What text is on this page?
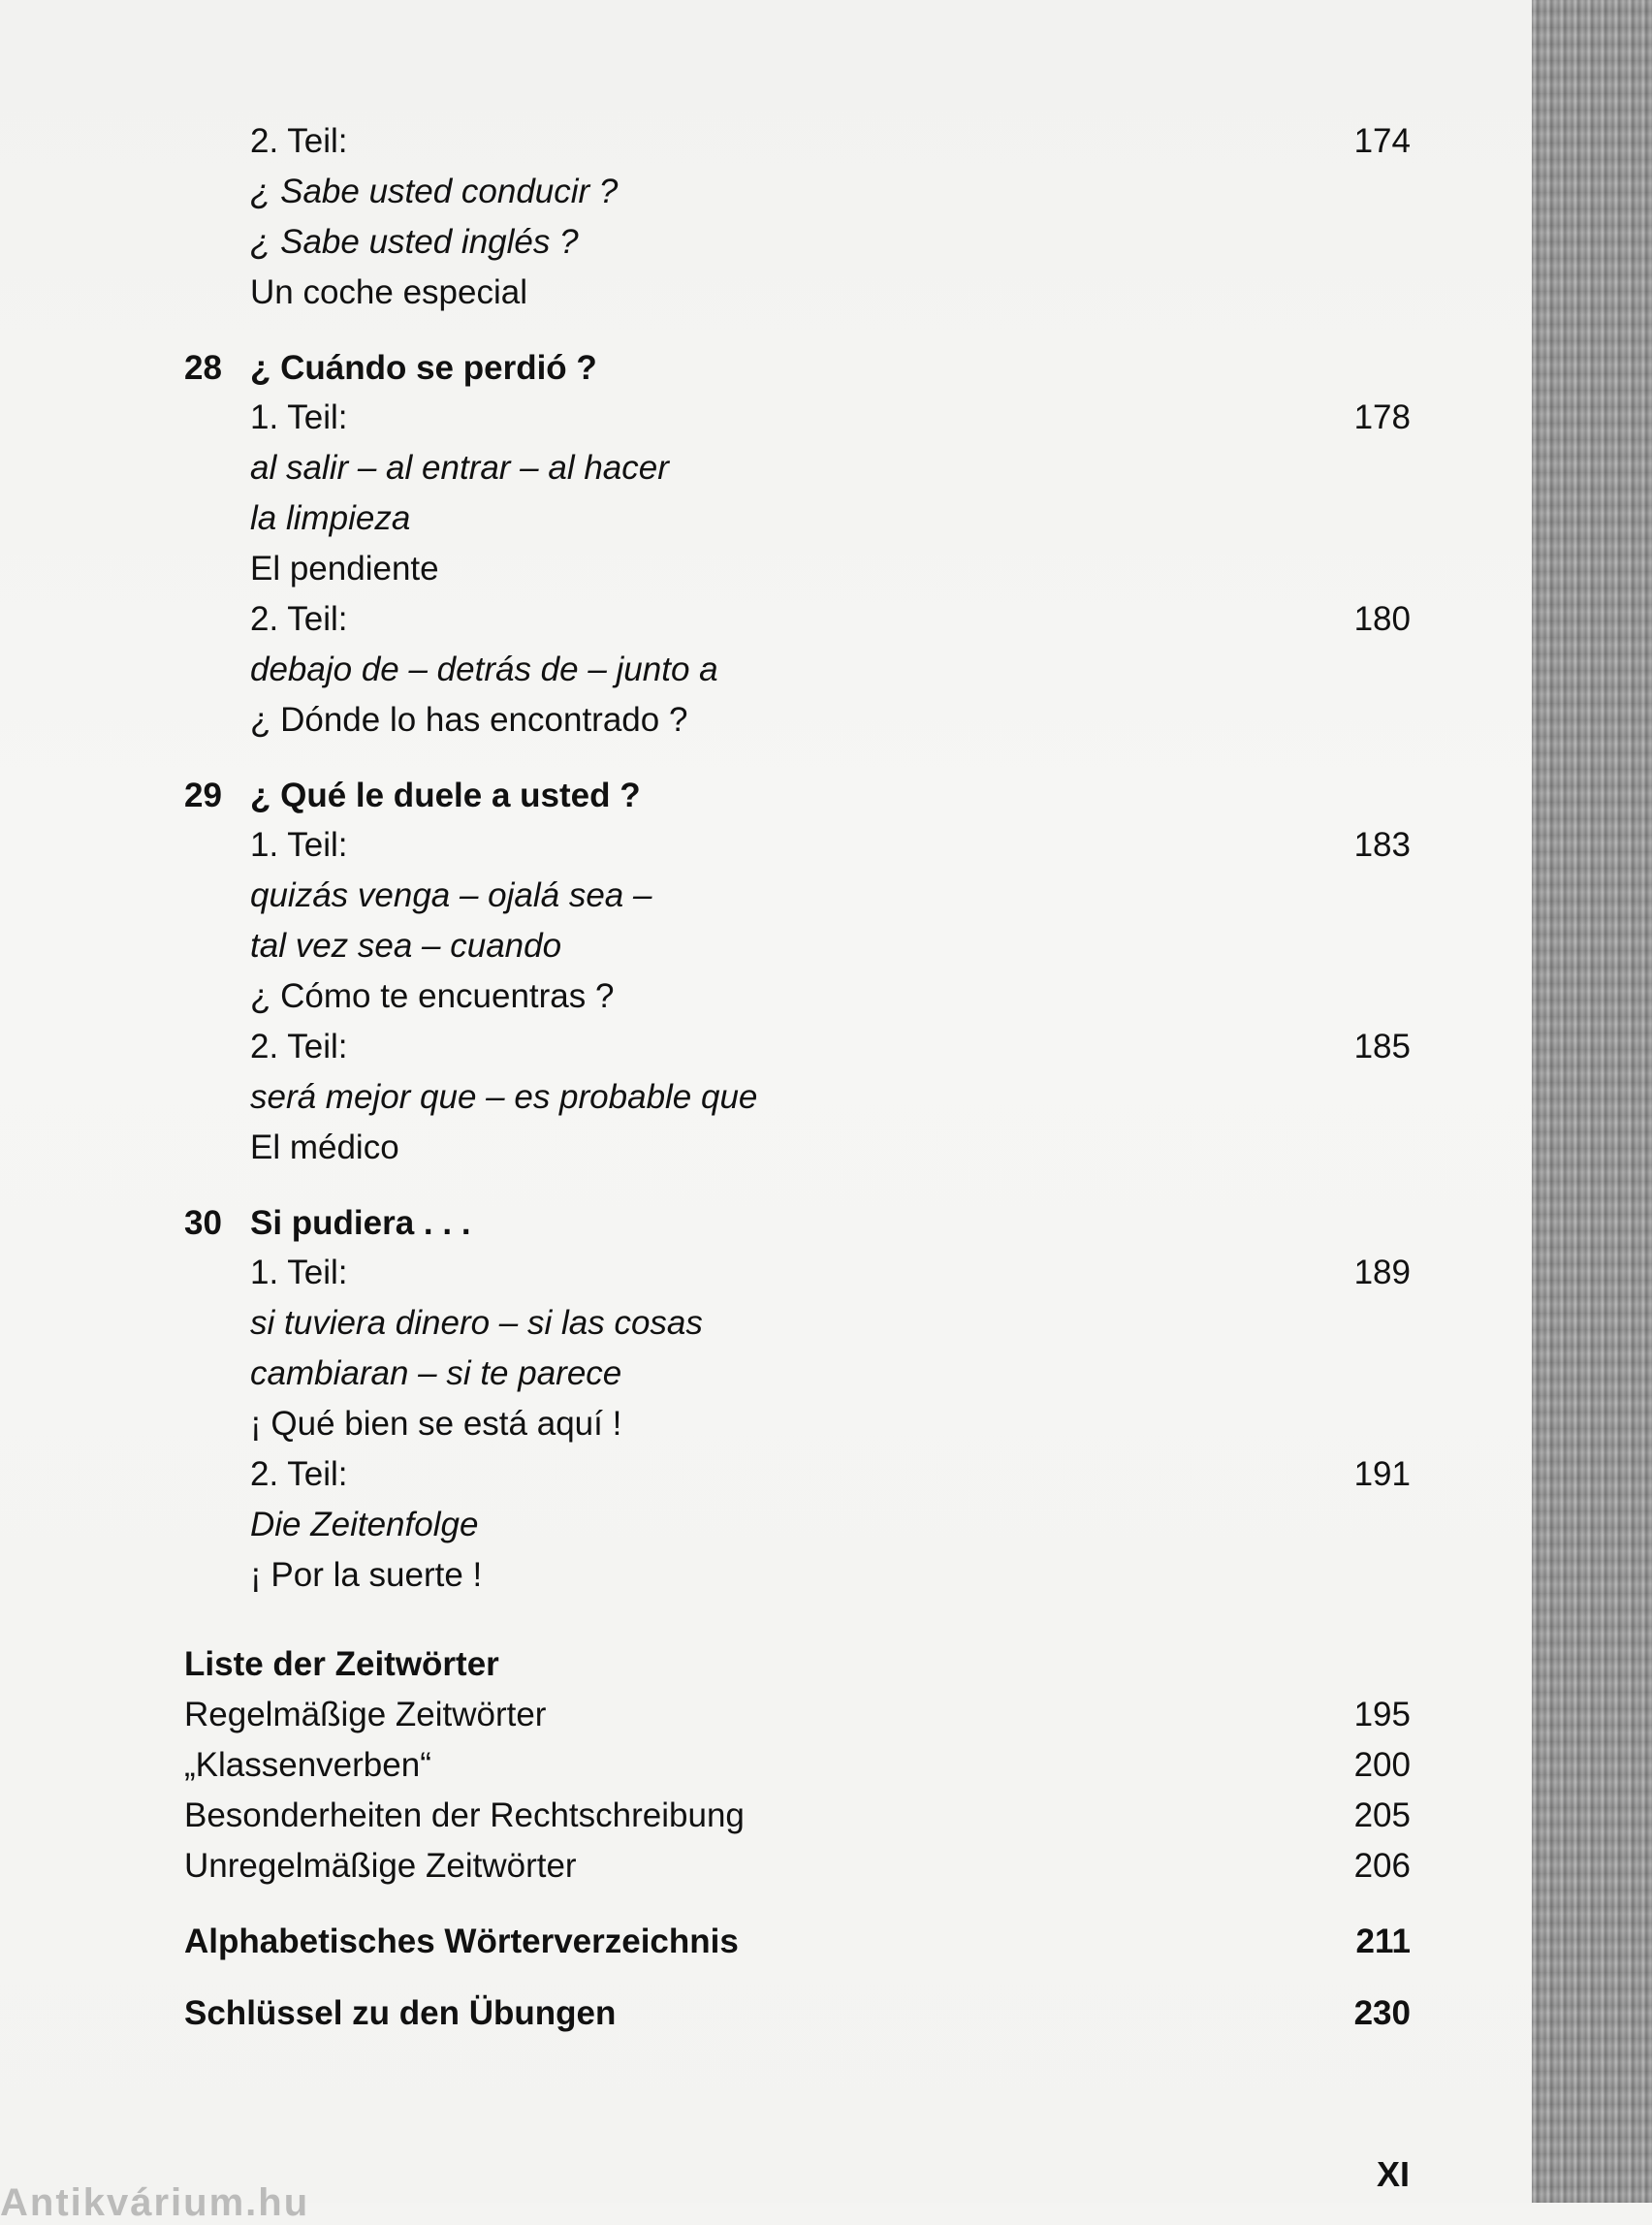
2. Teil:	174
¿ Sabe usted conducir ?
¿ Sabe usted inglés ?
Un coche especial
28 ¿ Cuándo se perdió ?
1. Teil:	178
al salir – al entrar – al hacer
la limpieza
El pendiente
2. Teil:	180
debajo de – detrás de – junto a
¿ Dónde lo has encontrado ?
29 ¿ Qué le duele a usted ?
1. Teil:	183
quizás venga – ojalá sea –
tal vez sea – cuando
¿ Cómo te encuentras ?
2. Teil:	185
será mejor que – es probable que
El médico
30 Si pudiera . . .
1. Teil:	189
si tuviera dinero – si las cosas
cambiaran – si te parece
¡ Qué bien se está aquí !
2. Teil:	191
Die Zeitenfolge
¡ Por la suerte !
Liste der Zeitwörter
Regelmäßige Zeitwörter	195
„Klassenverben“	200
Besonderheiten der Rechtschreibung	205
Unregelmäßige Zeitwörter	206
Alphabetisches Wörterverzeichnis	211
Schlüssel zu den Übungen	230
XI
Antikvárium.hu
